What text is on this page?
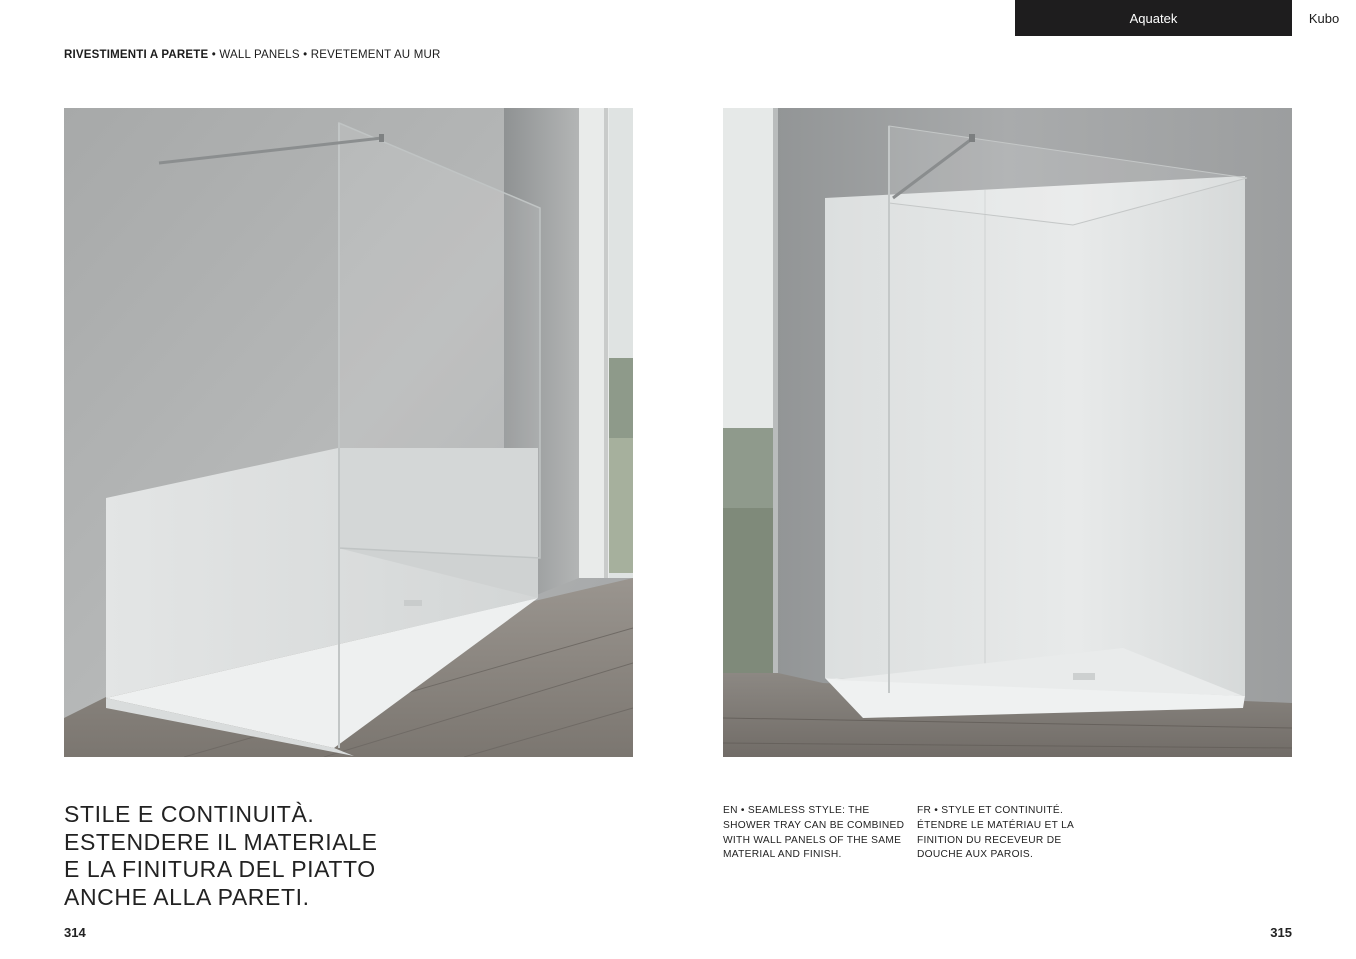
Aquatek	Kubo
RIVESTIMENTI A PARETE • WALL PANELS • REVETEMENT AU MUR
STILE E CONTINUITÀ.
ESTENDERE IL MATERIALE
E LA FINITURA DEL PIATTO
ANCHE ALLA PARETI.
EN • SEAMLESS STYLE: THE
SHOWER TRAY CAN BE COMBINED
WITH WALL PANELS OF THE SAME
MATERIAL AND FINISH.
FR • STYLE ET CONTINUITÉ.
ÉTENDRE LE MATÉRIAU ET LA
FINITION DU RECEVEUR DE
DOUCHE AUX PAROIS.
314	315
